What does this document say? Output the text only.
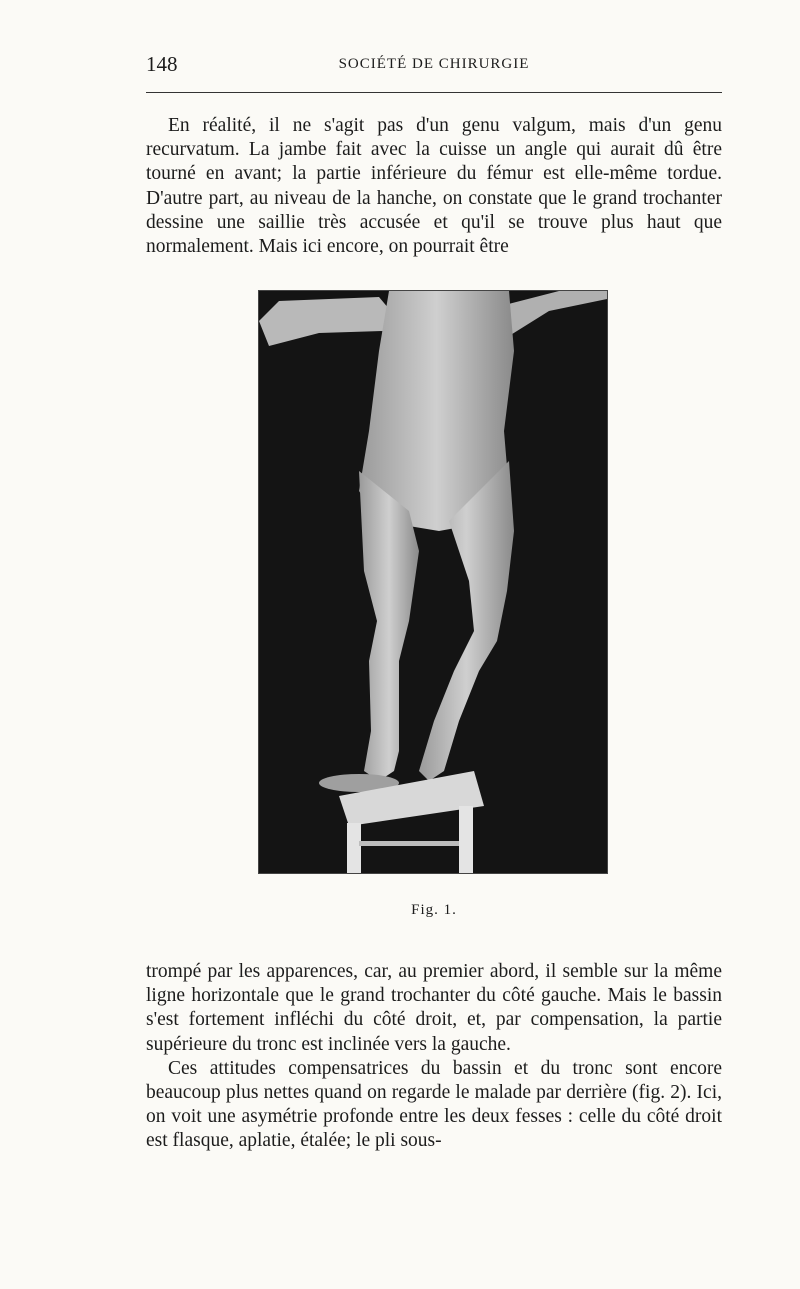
148	SOCIÉTÉ DE CHIRURGIE

En réalité, il ne s'agit pas d'un genu valgum, mais d'un genu recurvatum. La jambe fait avec la cuisse un angle qui aurait dû être tourné en avant; la partie inférieure du fémur est elle-même tordue. D'autre part, au niveau de la hanche, on constate que le grand trochanter dessine une saillie très accusée et qu'il se trouve plus haut que normalement. Mais ici encore, on pourrait être

Fig. 1.

trompé par les apparences, car, au premier abord, il semble sur la même ligne horizontale que le grand trochanter du côté gauche. Mais le bassin s'est fortement infléchi du côté droit, et, par compensation, la partie supérieure du tronc est inclinée vers la gauche.

Ces attitudes compensatrices du bassin et du tronc sont encore beaucoup plus nettes quand on regarde le malade par derrière (fig. 2). Ici, on voit une asymétrie profonde entre les deux fesses : celle du côté droit est flasque, aplatie, étalée; le pli sous-
